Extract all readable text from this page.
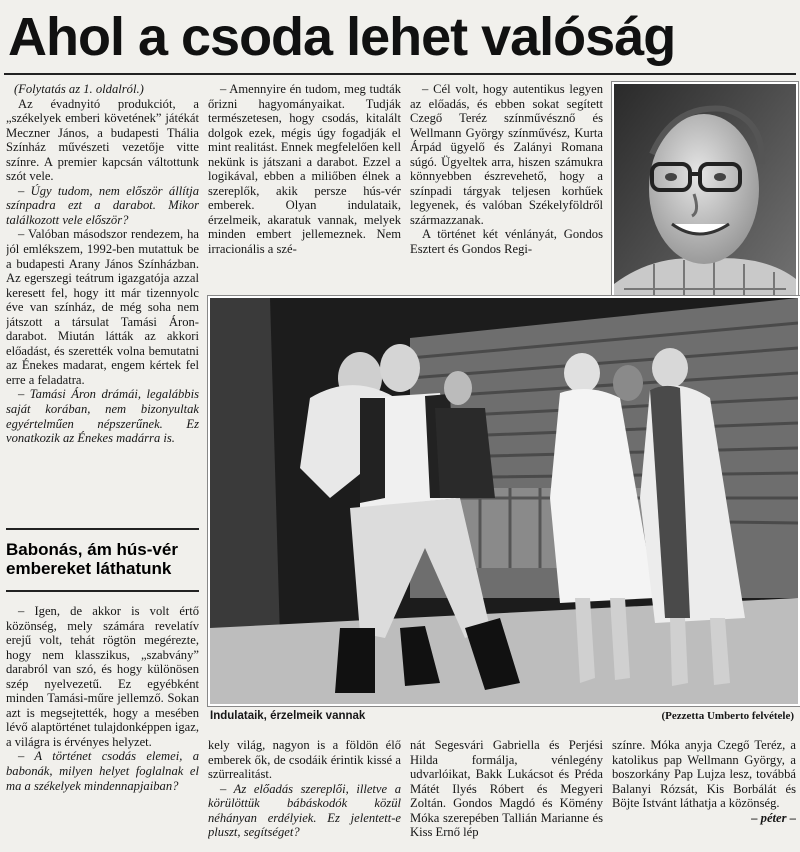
Ahol a csoda lehet valóság

(Folytatás az 1. oldalról.)

Az évadnyitó produkciót, a „székelyek emberi követének” játékát Meczner János, a budapesti Thália Színház művészeti vezetője vitte színre. A premier kapcsán váltottunk szót vele.

– Úgy tudom, nem először állítja színpadra ezt a darabot. Mikor találkozott vele először?

– Valóban másodszor rendezem, ha jól emlékszem, 1992-ben mutattuk be a budapesti Arany János Színházban. Az egerszegi teátrum igazgatója azzal keresett fel, hogy itt már tizennyolc éve van színház, de még soha nem játszott a társulat Tamási Áron-darabot. Miután látták az akkori előadást, és szerették volna bemutatni az Énekes madarat, engem kértek fel erre a feladatra.

– Tamási Áron drámái, legalábbis saját korában, nem bizonyultak egyértelműen népszerűnek. Ez vonatkozik az Énekes madárra is.

Babonás, ám hús-vér
embereket láthatunk

– Igen, de akkor is volt értő közönség, mely számára revelatív erejű volt, tehát rögtön megérezte, hogy nem klasszikus, „szabvány” darabról van szó, és hogy különösen szép nyelvezetű. Ez egyébként minden Tamási-műre jellemző. Sokan azt is megsejtették, hogy a mesében lévő alaptörténet tulajdonképpen igaz, a világra is érvényes helyzet.

– A történet csodás elemei, a babonák, milyen helyet foglalnak el ma a székelyek mindennapjaiban?

– Amennyire én tudom, meg tudták őrizni hagyományaikat. Tudják természetesen, hogy csodás, kitalált dolgok ezek, mégis úgy fogadják el mint realitást. Ennek megfelelően kell nekünk is játszani a darabot. Ezzel a logikával, ebben a miliőben élnek a szereplők, akik persze hús-vér emberek. Olyan indulataik, érzelmeik, akaratuk vannak, melyek minden embert jellemeznek. Nem irracionális a szé-

– Cél volt, hogy autentikus legyen az előadás, és ebben sokat segített Czegő Teréz színművésznő és Wellmann György színművész, Kurta Árpád ügyelő és Zalányi Romana súgó. Ügyeltek arra, hiszen számukra könnyebben észrevehető, hogy a színpadi tárgyak teljesen korhűek legyenek, és valóban Székelyföldről származzanak.

A történet két vénlányát, Gondos Esztert és Gondos Regi-

Indulataik, érzelmeik vannak	(Pezzetta Umberto felvétele)

kely világ, nagyon is a földön élő emberek ők, de csodáik érintik kissé a szürrealitást.

– Az előadás szereplői, illetve a körülöttük bábáskodók közül néhányan erdélyiek. Ez jelentett-e pluszt, segítséget?

nát Segesvári Gabriella és Perjési Hilda formálja, vénlegény udvarlóikat, Bakk Lukácsot és Préda Mátét Ilyés Róbert és Megyeri Zoltán. Gondos Magdó és Kömény Móka szerepében Tallián Marianne és Kiss Ernő lép

színre. Móka anyja Czegő Teréz, a katolikus pap Wellmann György, a boszorkány Pap Lujza lesz, továbbá Balanyi Rózsát, Kis Borbálát és Böjte Istvánt láthatja a közönség.

– péter –
